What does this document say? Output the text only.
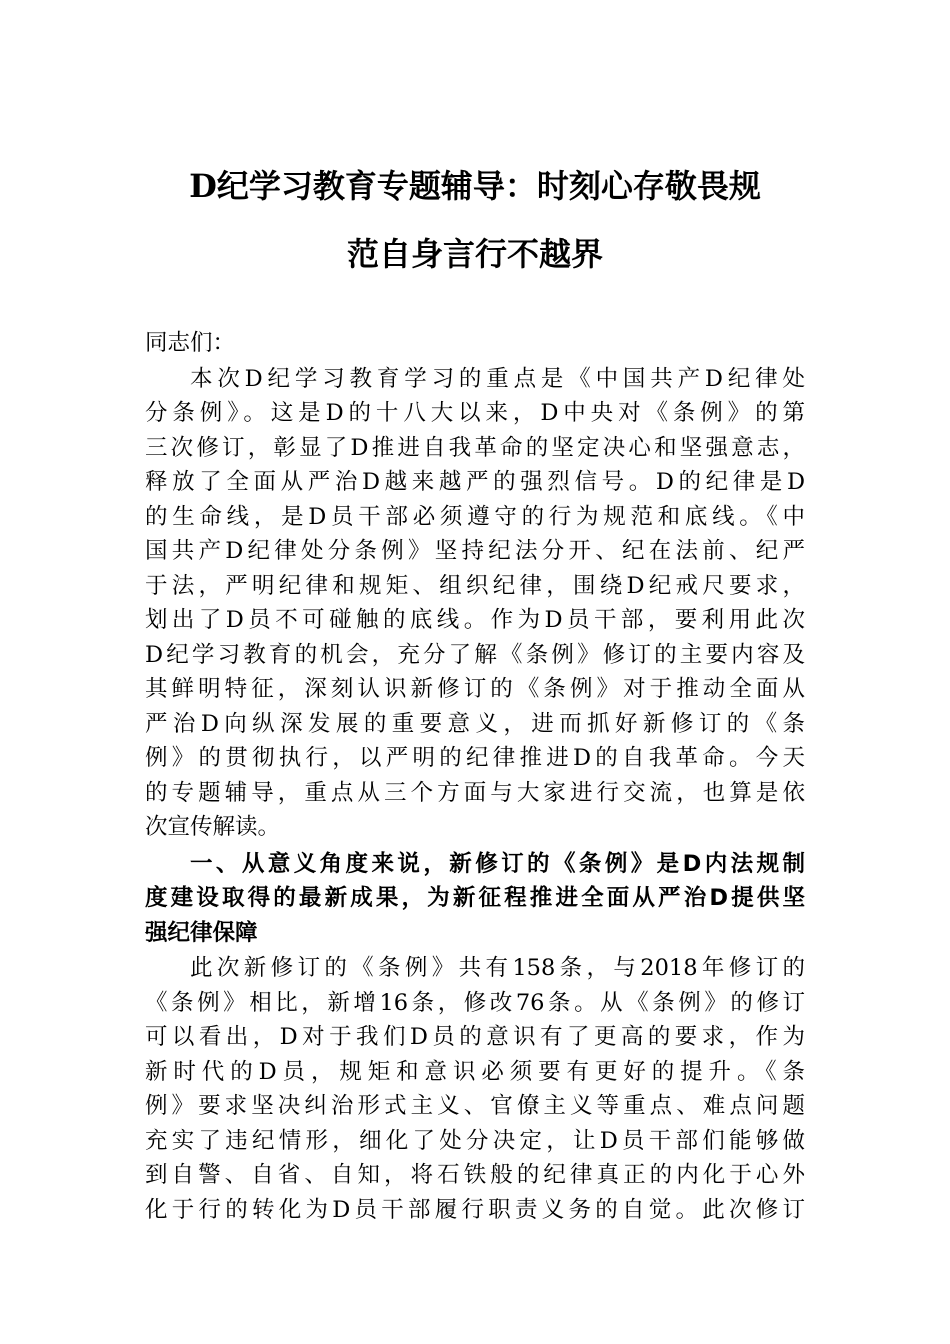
D纪学习教育专题辅导：时刻心存敬畏规
范自身言行不越界
同志们：
本次D纪学习教育学习的重点是《中国共产D纪律处
分条例》。这是D的十八大以来，D中央对《条例》的第
三次修订，彰显了D推进自我革命的坚定决心和坚强意志，
释放了全面从严治D越来越严的强烈信号。D的纪律是D
的生命线，是D员干部必须遵守的行为规范和底线。《中
国共产D纪律处分条例》坚持纪法分开、纪在法前、纪严
于法，严明纪律和规矩、组织纪律，围绕D纪戒尺要求，
划出了D员不可碰触的底线。作为D员干部，要利用此次
D纪学习教育的机会，充分了解《条例》修订的主要内容及
其鲜明特征，深刻认识新修订的《条例》对于推动全面从
严治D向纵深发展的重要意义，进而抓好新修订的《条
例》的贯彻执行，以严明的纪律推进D的自我革命。今天
的专题辅导，重点从三个方面与大家进行交流，也算是依
次宣传解读。
一、从意义角度来说，新修订的《条例》是D内法规制
度建设取得的最新成果，为新征程推进全面从严治D提供坚
强纪律保障
此次新修订的《条例》共有158条，与2018年修订的
《条例》相比，新增16条，修改76条。从《条例》的修订
可以看出，D对于我们D员的意识有了更高的要求，作为
新时代的D员，规矩和意识必须要有更好的提升。《条
例》要求坚决纠治形式主义、官僚主义等重点、难点问题
充实了违纪情形，细化了处分决定，让D员干部们能够做
到自警、自省、自知，将石铁般的纪律真正的内化于心外
化于行的转化为D员干部履行职责义务的自觉。此次修订
